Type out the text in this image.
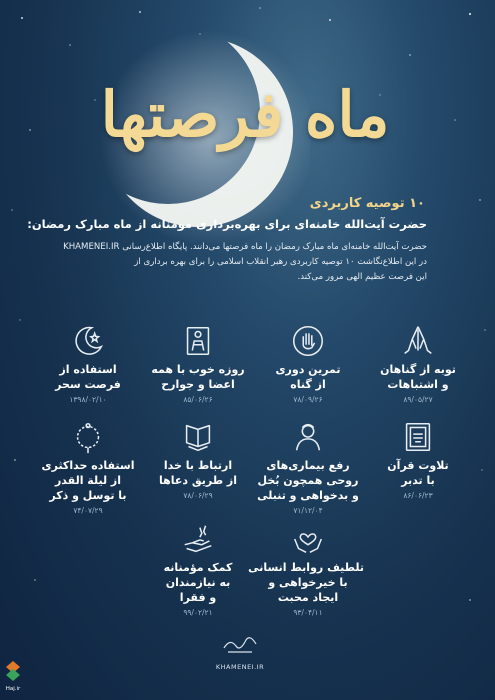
ماه فرصتها
۱۰ توصیه کاربردی
حضرت آیت‌الله خامنه‌ای برای بهره‌برداری مومنانه از ماه مبارک رمضان:

حضرت آیت‌الله خامنه‌ای ماه مبارک رمضان را ماه فرصتها می‌دانند. پایگاه اطلاع‌رسانی KHAMENEI.IR

در این اطلاع‌نگاشت ۱۰ توصیه کاربردی رهبر انقلاب اسلامی را برای بهره برداری از

این فرصت عظیم الهی مرور می‌کند.

توبه از گناهان
و اشتباهات
۸۹/۰۵/۲۷
تمرین دوری
از گناه
۷۸/۰۹/۲۶
روزه خوب با همه
اعضا و جوارح
۸۵/۰۶/۲۶
استفاده از
فرصت سحر
۱۳۹۸/۰۲/۱۰
تلاوت قرآن
با تدبر
۸۶/۰۶/۲۳
رفع بیماری‌های
روحی همچون بُخل
و بدخواهی و تنبلی
۷۱/۱۲/۰۴
ارتباط با خدا
از طریق دعاها
۷۸/۰۶/۲۹
استفاده حداکثری
از لیلة القدر
با توسل و ذکر
۷۴/۰۷/۲۹
تلطیف روابط انسانی
با خیرخواهی و
ایجاد محبت
۹۳/۰۴/۱۱
کمک مؤمنانه
به نیازمندان
و فقرا
۹۹/۰۲/۲۱
KHAMENEI.IR
Haj.ir
